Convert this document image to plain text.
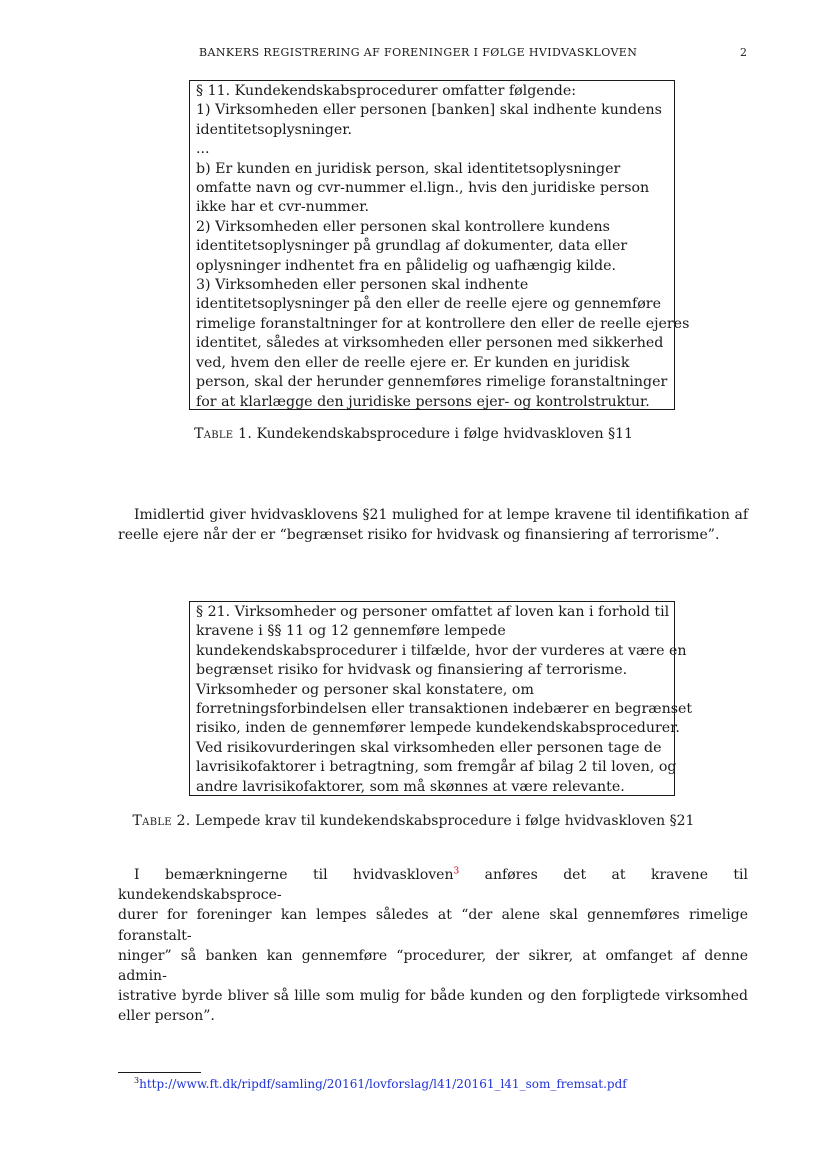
BANKERS REGISTRERING AF FORENINGER I FØLGE HVIDVASKLOVEN	2
§ 11. Kundekendskabsprocedurer omfatter følgende:
1) Virksomheden eller personen [banken] skal indhente kundens
identitetsoplysninger.
...
b) Er kunden en juridisk person, skal identitetsoplysninger
omfatte navn og cvr-nummer el.lign., hvis den juridiske person
ikke har et cvr-nummer.
2) Virksomheden eller personen skal kontrollere kundens
identitetsoplysninger på grundlag af dokumenter, data eller
oplysninger indhentet fra en pålidelig og uafhængig kilde.
3) Virksomheden eller personen skal indhente
identitetsoplysninger på den eller de reelle ejere og gennemføre
rimelige foranstaltninger for at kontrollere den eller de reelle ejeres
identitet, således at virksomheden eller personen med sikkerhed
ved, hvem den eller de reelle ejere er. Er kunden en juridisk
person, skal der herunder gennemføres rimelige foranstaltninger
for at klarlægge den juridiske persons ejer- og kontrolstruktur.
Table 1. Kundekendskabsprocedure i følge hvidvaskloven §11
Imidlertid giver hvidvasklovens §21 mulighed for at lempe kravene til identifikation af
reelle ejere når der er “begrænset risiko for hvidvask og finansiering af terrorisme”.
§ 21. Virksomheder og personer omfattet af loven kan i forhold til
kravene i §§ 11 og 12 gennemføre lempede
kundekendskabsprocedurer i tilfælde, hvor der vurderes at være en
begrænset risiko for hvidvask og finansiering af terrorisme.
Virksomheder og personer skal konstatere, om
forretningsforbindelsen eller transaktionen indebærer en begrænset
risiko, inden de gennemfører lempede kundekendskabsprocedurer.
Ved risikovurderingen skal virksomheden eller personen tage de
lavrisikofaktorer i betragtning, som fremgår af bilag 2 til loven, og
andre lavrisikofaktorer, som må skønnes at være relevante.
Table 2. Lempede krav til kundekendskabsprocedure i følge hvidvaskloven §21
I bemærkningerne til hvidvaskloven$^3$ anføres det at kravene til kundekendskabsproce-
durer for foreninger kan lempes således at “der alene skal gennemføres rimelige foranstalt-
ninger” så banken kan gennemføre “procedurer, der sikrer, at omfanget af denne admin-
istrative byrde bliver så lille som mulig for både kunden og den forpligtede virksomhed
eller person”.
$^3$http://www.ft.dk/ripdf/samling/20161/lovforslag/l41/20161_l41_som_fremsat.pdf
